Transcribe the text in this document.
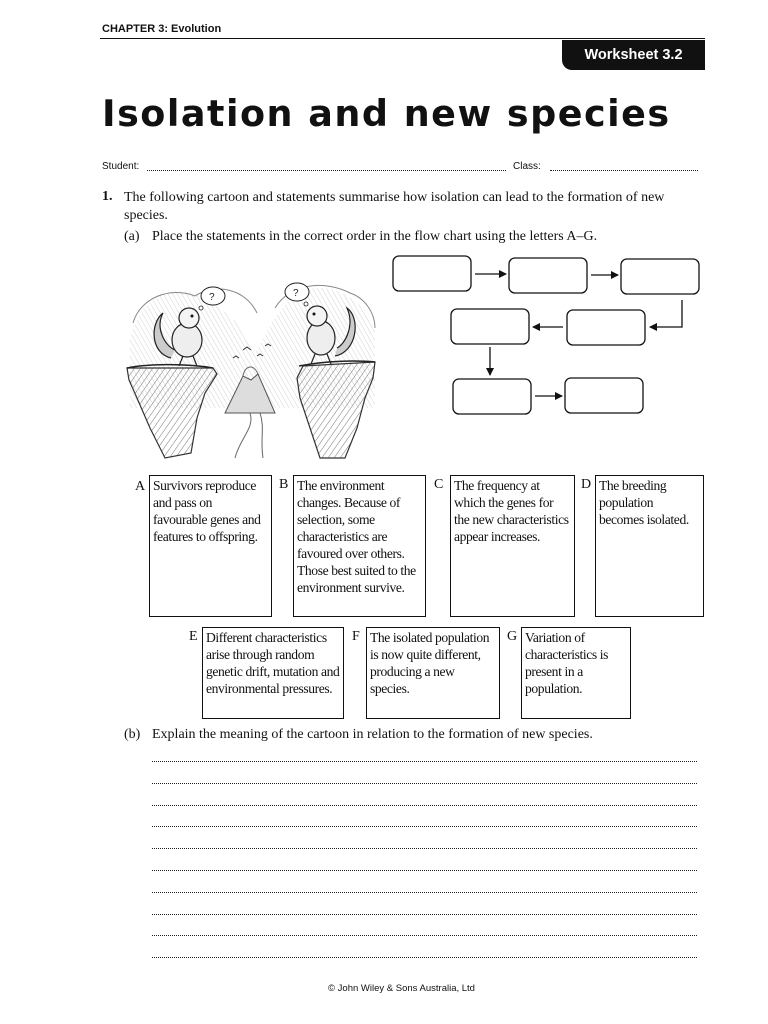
CHAPTER 3: Evolution
Worksheet 3.2
Isolation and new species
Student:	Class:
1. The following cartoon and statements summarise how isolation can lead to the formation of new species.
(a) Place the statements in the correct order in the flow chart using the letters A–G.
?	?
A Survivors reproduce and pass on favourable genes and features to offspring.
B The environment changes. Because of selection, some characteristics are favoured over others. Those best suited to the environment survive.
C The frequency at which the genes for the new characteristics appear increases.
D The breeding population becomes isolated.
E Different characteristics arise through random genetic drift, mutation and environmental pressures.
F The isolated population is now quite different, producing a new species.
G Variation of characteristics is present in a population.
(b) Explain the meaning of the cartoon in relation to the formation of new species.
© John Wiley & Sons Australia, Ltd
